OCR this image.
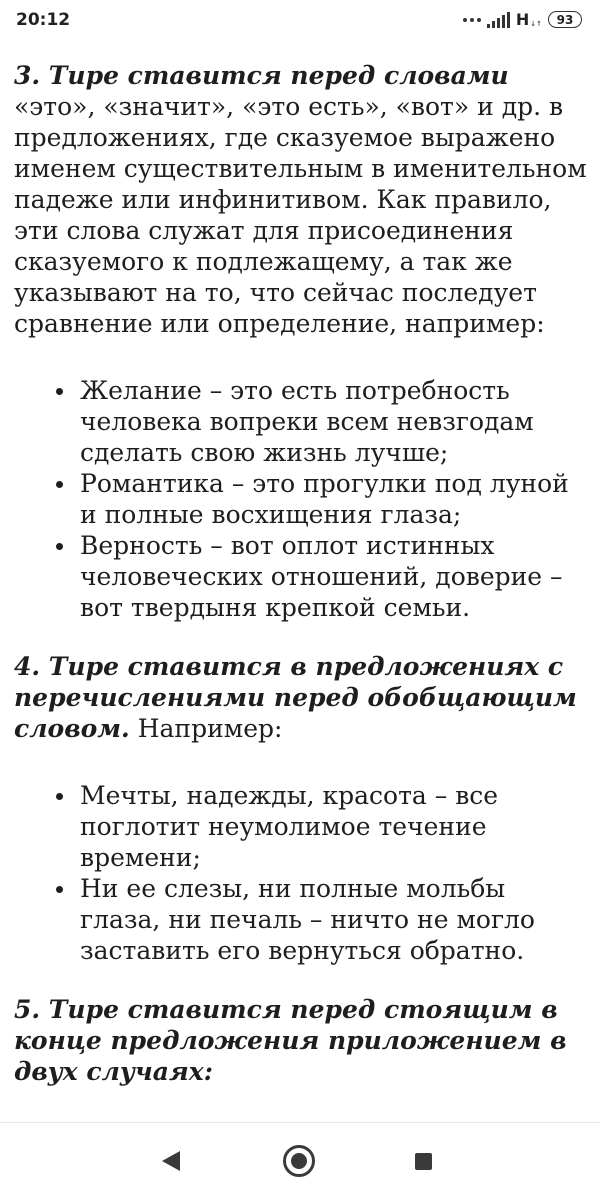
20:12	H ↓↑	93

3. Тире ставится перед словами «это», «значит», «это есть», «вот» и др. в предложениях, где сказуемое выражено именем существительным в именительном падеже или инфинитивом. Как правило, эти слова служат для присоединения сказуемого к подлежащему, а так же указывают на то, что сейчас последует сравнение или определение, например:

Желание – это есть потребность человека вопреки всем невзгодам сделать свою жизнь лучше;
Романтика – это прогулки под луной и полные восхищения глаза;
Верность – вот оплот истинных человеческих отношений, доверие – вот твердыня крепкой семьи.

4. Тире ставится в предложениях с перечислениями перед обобщающим словом. Например:

Мечты, надежды, красота – все поглотит неумолимое течение времени;
Ни ее слезы, ни полные мольбы глаза, ни печаль – ничто не могло заставить его вернуться обратно.

5. Тире ставится перед стоящим в конце предложения приложением в двух случаях:
